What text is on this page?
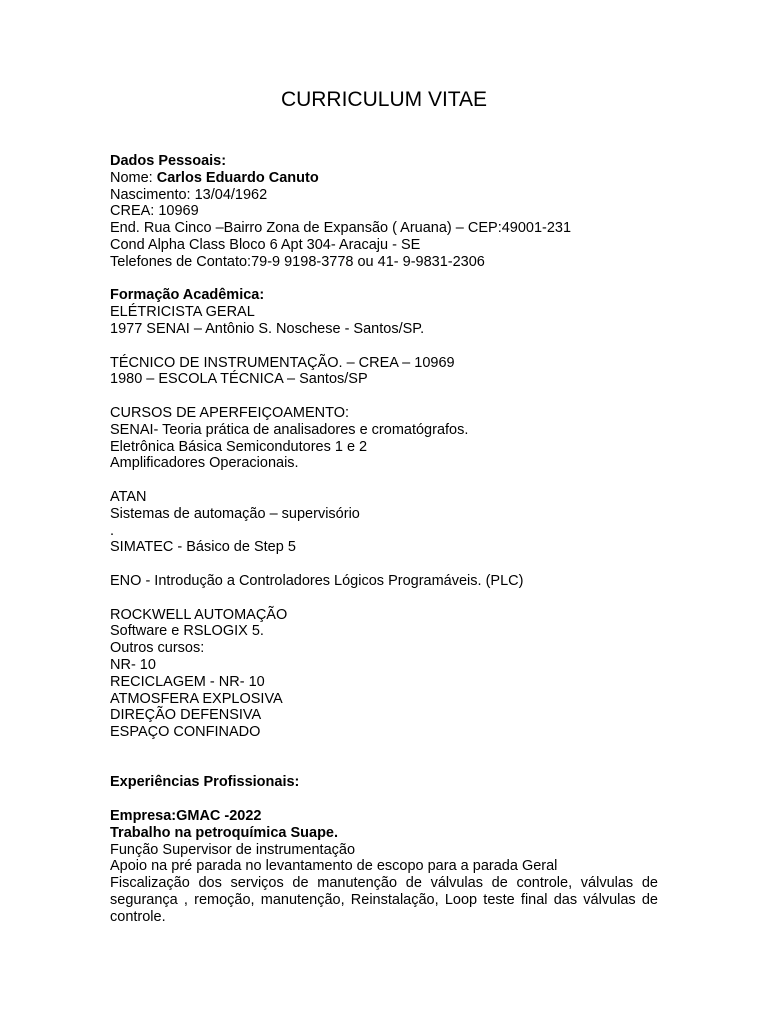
CURRICULUM VITAE
Dados Pessoais:
Nome: Carlos Eduardo Canuto
Nascimento: 13/04/1962
CREA: 10969
End. Rua Cinco –Bairro Zona de Expansão ( Aruana) – CEP:49001-231
Cond Alpha Class Bloco 6 Apt 304- Aracaju - SE
Telefones de Contato:79-9 9198-3778 ou 41- 9-9831-2306
Formação Acadêmica:
ELÉTRICISTA GERAL
1977 SENAI – Antônio S. Noschese - Santos/SP.
TÉCNICO DE INSTRUMENTAÇÃO. – CREA – 10969
1980 – ESCOLA TÉCNICA – Santos/SP
CURSOS DE APERFEIÇOAMENTO:
SENAI- Teoria prática de analisadores e cromatógrafos.
Eletrônica Básica Semicondutores 1 e 2
Amplificadores Operacionais.
ATAN
Sistemas de automação – supervisório
.
SIMATEC - Básico de Step 5
ENO - Introdução a Controladores Lógicos Programáveis. (PLC)
ROCKWELL AUTOMAÇÃO
Software e RSLOGIX 5.
Outros cursos:
NR- 10
RECICLAGEM - NR- 10
ATMOSFERA EXPLOSIVA
DIREÇÃO DEFENSIVA
ESPAÇO CONFINADO
Experiências Profissionais:
Empresa:GMAC -2022
Trabalho na petroquímica Suape.
Função Supervisor de instrumentação
Apoio na pré parada no levantamento de escopo para a parada Geral
Fiscalização dos serviços de manutenção de válvulas de controle, válvulas de segurança , remoção, manutenção, Reinstalação, Loop teste final das válvulas de controle.
